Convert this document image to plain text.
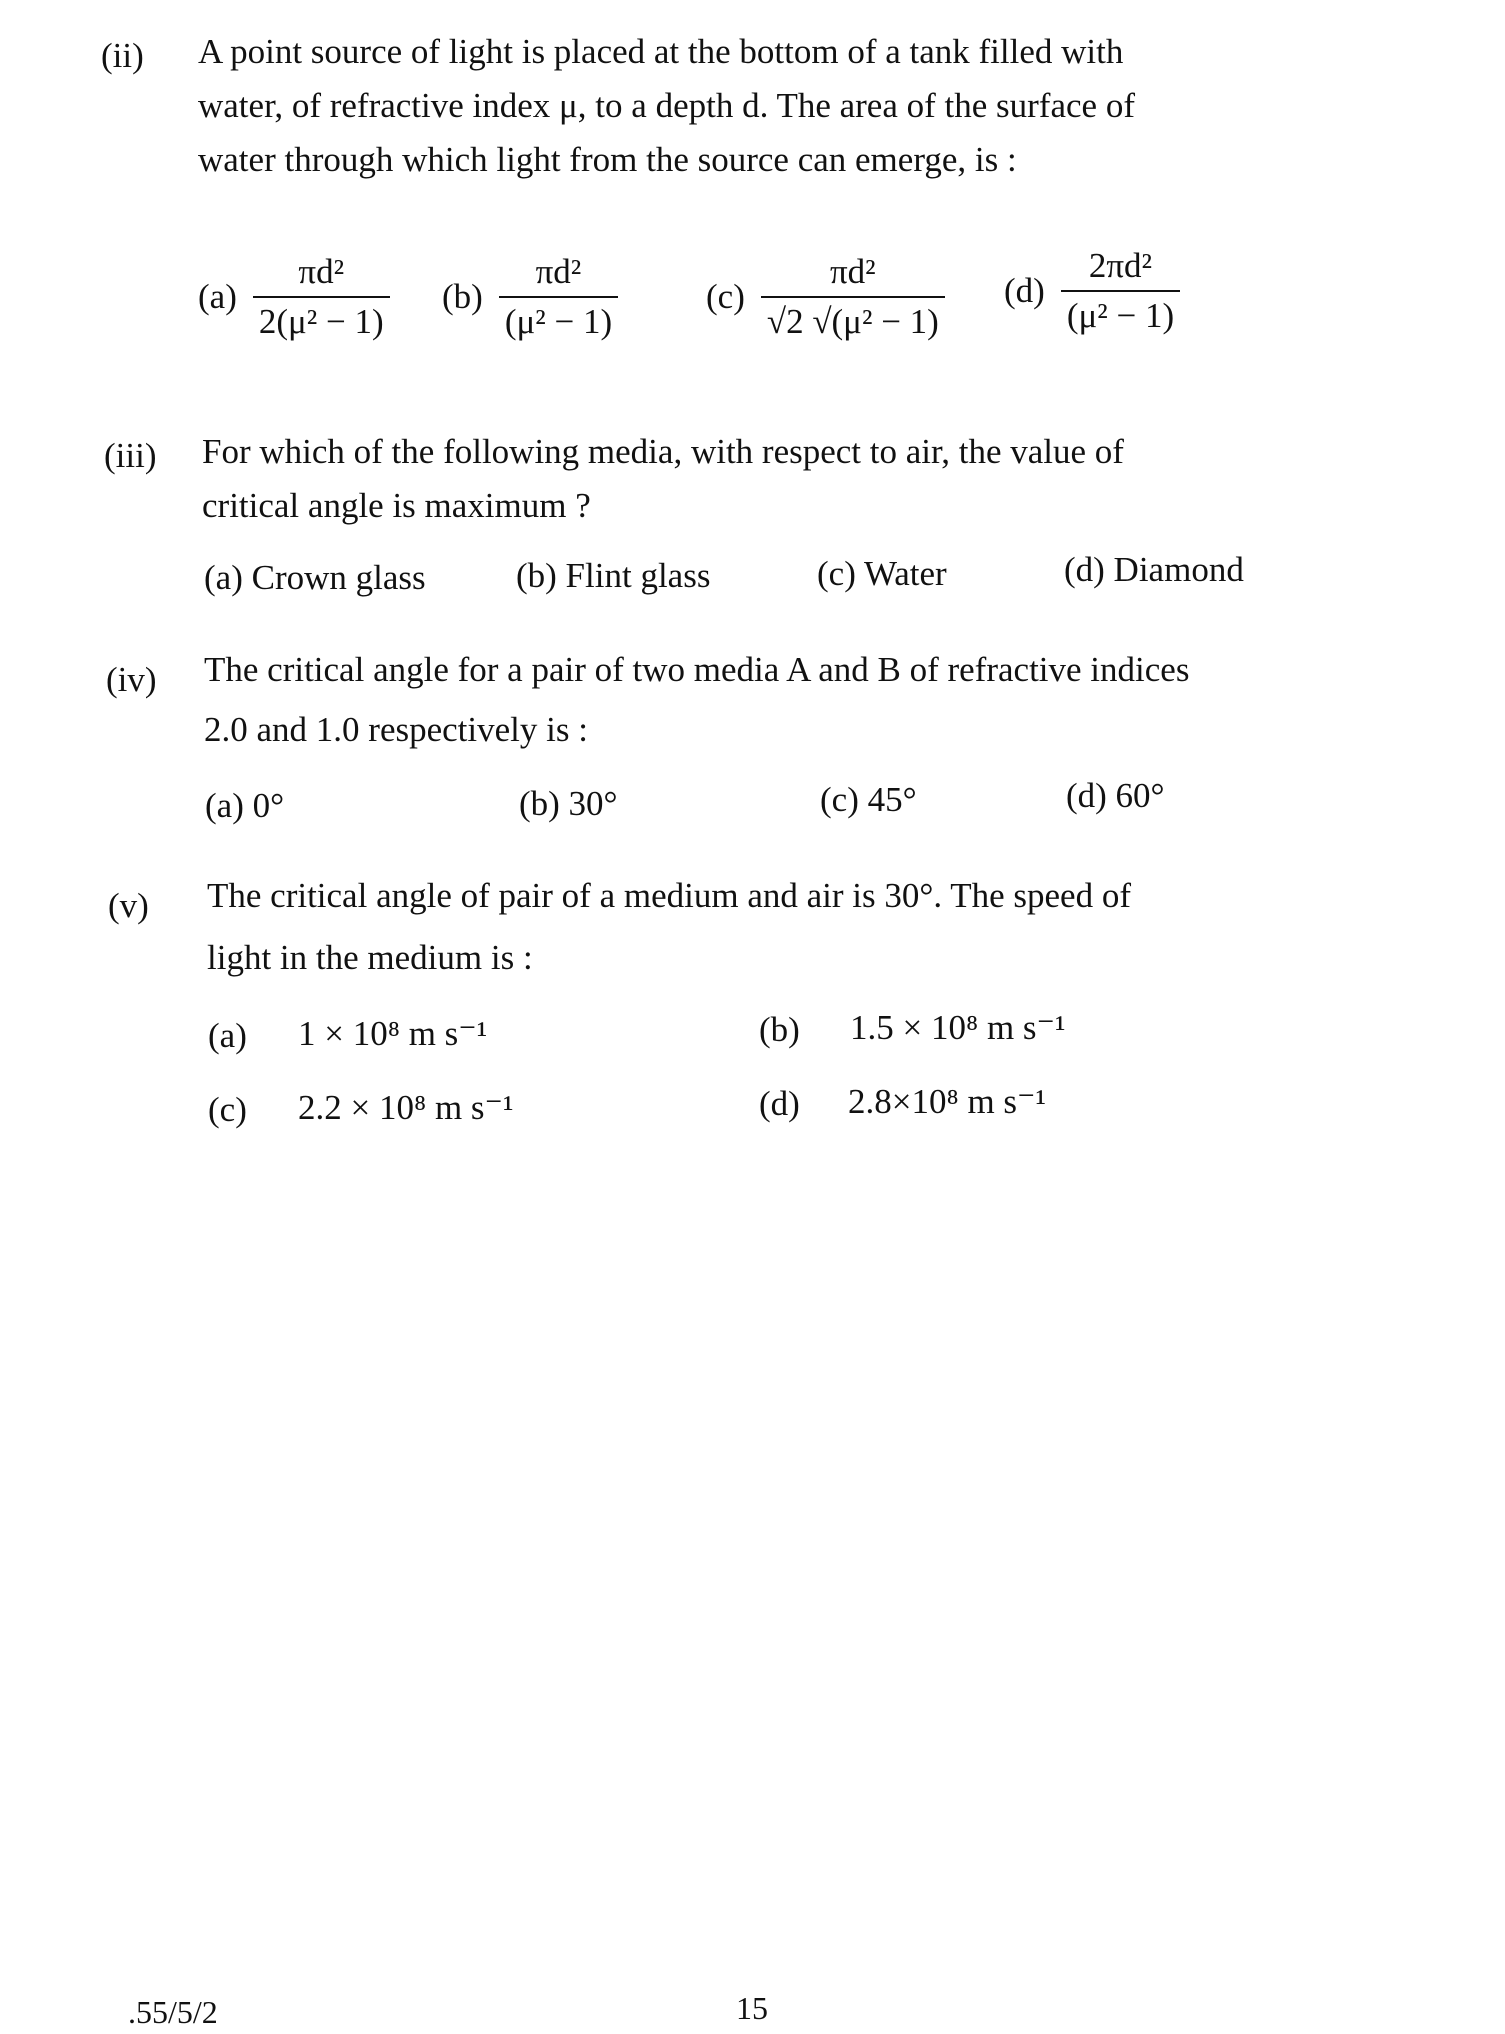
(ii) A point source of light is placed at the bottom of a tank filled with
water, of refractive index μ, to a depth d. The area of the surface of
water through which light from the source can emerge, is :
$(a) \frac{\text{πd²}}{\text{2(μ² − 1)}} (b) \frac{\text{πd²}}{\text{(μ² − 1)}}$	$(c) \frac{\text{πd²}}{\text{√2 √(μ² − 1)}} (d) \frac{\text{2πd²}}{\text{(μ² − 1)}}$
(iii) For which of the following media, with respect to air, the value of
critical angle is maximum ?
(a) Crown glass	(b) Flint glass	(c) Water	(d) Diamond
(iv) The critical angle for a pair of two media A and B of refractive indices
2.0 and 1.0 respectively is :
(a) 0°	(b) 30°	(c) 45°	(d) 60°
(v) The critical angle of pair of a medium and air is 30°. The speed of
light in the medium is :
(a) 1 × 10⁸ m s⁻¹	(b) 1.5 × 10⁸ m s⁻¹
(c) 2.2 × 10⁸ m s⁻¹	(d) 2.8×10⁸ m s⁻¹
.55/5/2	15
